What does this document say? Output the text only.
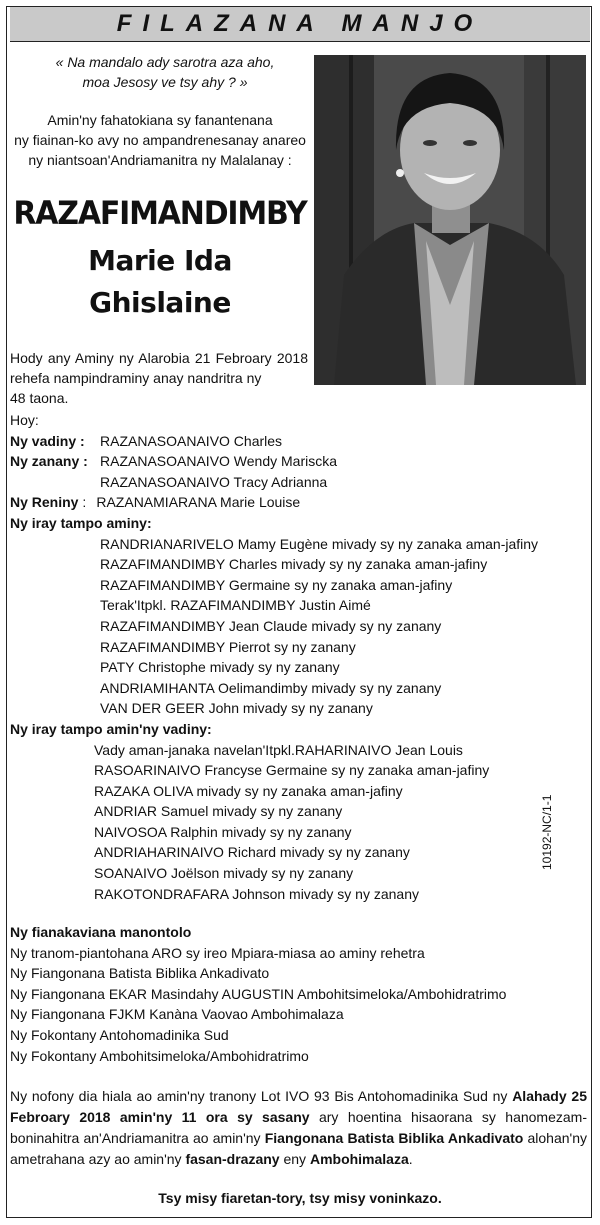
FILAZANA MANJO
« Na mandalo ady sarotra aza aho,
moa Jesosy ve tsy ahy ? »
Amin'ny fahatokiana sy fanantenana
ny fiainan-ko avy no ampandrenesanay anareo
ny niantsoan'Andriamanitra ny Malalanay :
RAZAFIMANDIMBY
Marie Ida
Ghislaine
Hody any Aminy ny Alarobia 21 Febroary 2018 rehefa nampindraminy anay nandritra ny
48 taona.
Hoy:
Ny vadiny : RAZANASOANAIVO Charles
Ny zanany : RAZANASOANAIVO Wendy Mariscka
RAZANASOANAIVO Tracy Adrianna
Ny Reniny : RAZANAMIARANA Marie Louise
Ny iray tampo aminy:
RANDRIANARIVELO Mamy Eugène mivady sy ny zanaka aman-jafiny
RAZAFIMANDIMBY Charles mivady sy ny zanaka aman-jafiny
RAZAFIMANDIMBY Germaine sy ny zanaka aman-jafiny
Terak'Itpkl. RAZAFIMANDIMBY Justin Aimé
RAZAFIMANDIMBY Jean Claude mivady sy ny zanany
RAZAFIMANDIMBY Pierrot sy ny zanany
PATY Christophe mivady sy ny zanany
ANDRIAMIHANTA Oelimandimby mivady sy ny zanany
VAN DER GEER John mivady sy ny zanany
Ny iray tampo amin'ny vadiny:
Vady aman-janaka navelan'Itpkl.RAHARINAIVO Jean Louis
RASOARINAIVO Francyse Germaine sy ny zanaka aman-jafiny
RAZAKA OLIVA mivady sy ny zanaka aman-jafiny
ANDRIAR Samuel mivady sy ny zanany
NAIVOSOA Ralphin mivady sy ny zanany
ANDRIAHARINAIVO Richard mivady sy ny zanany
SOANAIVO Joëlson mivady sy ny zanany
RAKOTONDRAFARA Johnson mivady sy ny zanany
Ny fianakaviana manontolo
Ny tranom-piantohana ARO sy ireo Mpiara-miasa ao aminy rehetra
Ny Fiangonana Batista Biblika Ankadivato
Ny Fiangonana EKAR Masindahy AUGUSTIN Ambohitsimeloka/Ambohidratrimo
Ny Fiangonana FJKM Kanàna Vaovao Ambohimalaza
Ny Fokontany Antohomadinika Sud
Ny Fokontany Ambohitsimeloka/Ambohidratrimo
Ny nofony dia hiala ao amin'ny tranony Lot IVO 93 Bis Antohomadinika Sud ny Alahady 25 Febroary 2018 amin'ny 11 ora sy sasany ary hoentina hisaorana sy hanomezam-boninahitra an'Andriamanitra ao amin'ny Fiangonana Batista Biblika Ankadivato alohan'ny ametrahana azy ao amin'ny fasan-drazany eny Ambohimalaza.
Tsy misy fiaretan-tory, tsy misy voninkazo.
10192-NC/1-1
